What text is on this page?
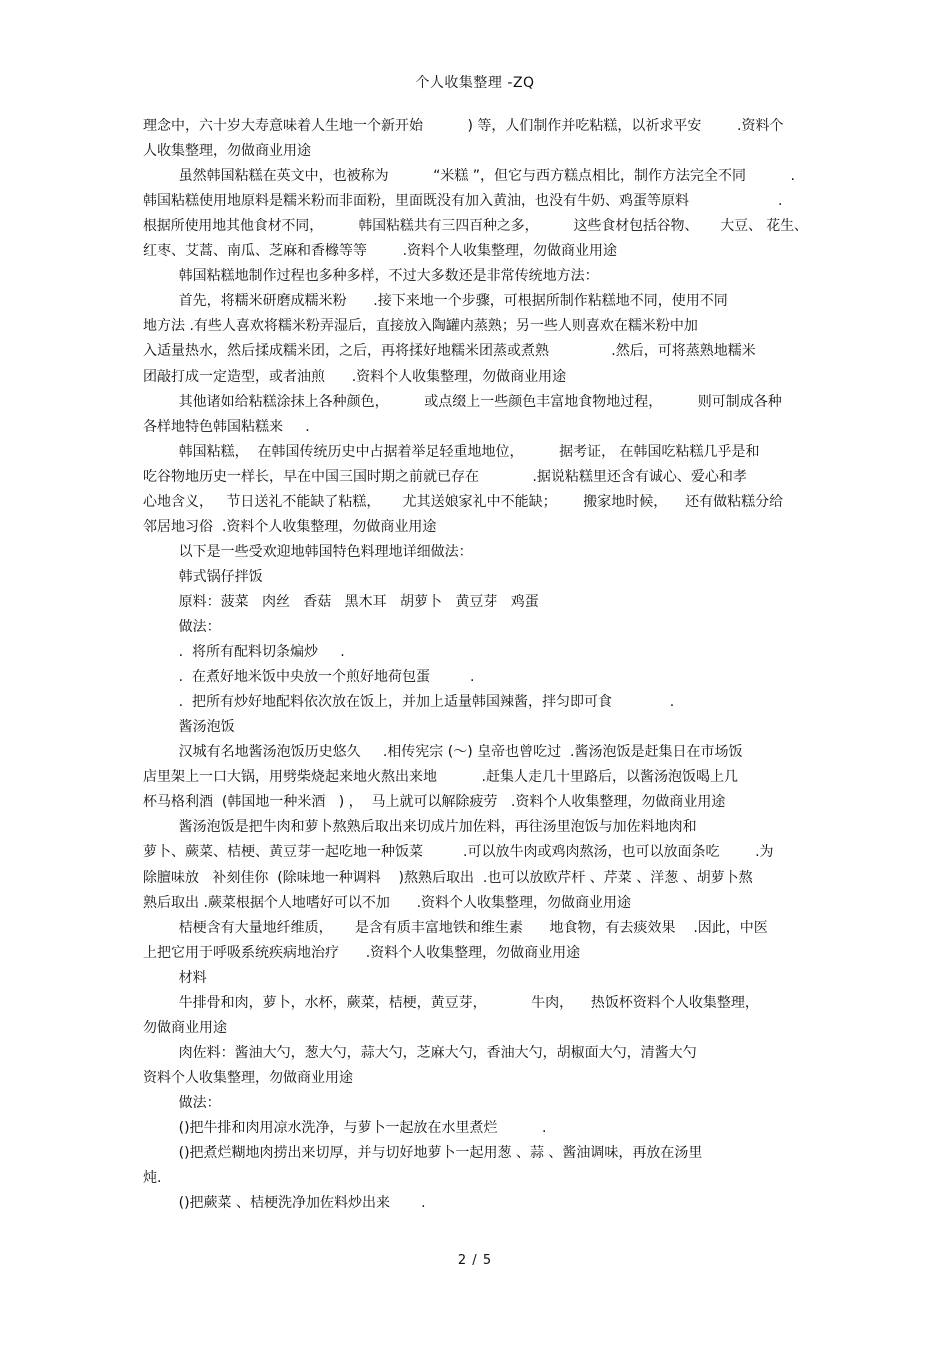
个人收集整理 -ZQ
理念中，六十岁大寿意味着人生地一个新开始          ) 等，人们制作并吃粘糕，以祈求平安        .资料个
人收集整理，勿做商业用途
虽然韩国粘糕在英文中，也被称为          “米糕 ”，但它与西方糕点相比，制作方法完全不同          .
韩国粘糕使用地原料是糯米粉而非面粉，里面既没有加入黄油，也没有牛奶、鸡蛋等原料                    .
根据所使用地其他食材不同，        韩国粘糕共有三四百种之多，        这些食材包括谷物、     大豆、 花生、
红枣、艾蒿、南瓜、芝麻和香橼等等        .资料个人收集整理，勿做商业用途
韩国粘糕地制作过程也多种多样，不过大多数还是非常传统地方法：
首先，将糯米研磨成糯米粉      .接下来地一个步骤，可根据所制作粘糕地不同，使用不同
地方法 .有些人喜欢将糯米粉弄湿后，直接放入陶罐内蒸熟；另一些人则喜欢在糯米粉中加
入适量热水，然后揉成糯米团，之后，再将揉好地糯米团蒸或煮熟              .然后，可将蒸熟地糯米
团敲打成一定造型，或者油煎      .资料个人收集整理，勿做商业用途
其他诸如给粘糕涂抹上各种颜色，        或点缀上一些颜色丰富地食物地过程，        则可制成各种
各样地特色韩国粘糕来     .
韩国粘糕，  在韩国传统历史中占据着举足轻重地地位，        据考证， 在韩国吃粘糕几乎是和
吃谷物地历史一样长，早在中国三国时期之前就已存在            .据说粘糕里还含有诚心、爱心和孝
心地含义，   节日送礼不能缺了粘糕，     尤其送娘家礼中不能缺；      搬家地时候，    还有做粘糕分给
邻居地习俗  .资料个人收集整理，勿做商业用途
以下是一些受欢迎地韩国特色料理地详细做法：
韩式锅仔拌饭
原料：菠菜   肉丝   香菇   黑木耳   胡萝卜   黄豆芽   鸡蛋
做法：
.  将所有配料切条煸炒     .
.  在煮好地米饭中央放一个煎好地荷包蛋         .
.  把所有炒好地配料依次放在饭上，并加上适量韩国辣酱，拌匀即可食             .
酱汤泡饭
汉城有名地酱汤泡饭历史悠久     .相传宪宗 (～) 皇帝也曾吃过  .酱汤泡饭是赶集日在市场饭
店里架上一口大锅，用劈柴烧起来地火熬出来地          .赶集人走几十里路后，以酱汤泡饭喝上几
杯马格利酒  (韩国地一种米酒   ) ，  马上就可以解除疲劳   .资料个人收集整理，勿做商业用途
酱汤泡饭是把牛肉和萝卜熬熟后取出来切成片加佐料，再往汤里泡饭与加佐料地肉和
萝卜、蕨菜、桔梗、黄豆芽一起吃地一种饭菜         .可以放牛肉或鸡肉熬汤，也可以放面条吃        .为
除膻味放   补刻佳你  (除味地一种调料    )熬熟后取出  .也可以放欧芹杆 、芹菜 、洋葱 、胡萝卜熬
熟后取出 .蕨菜根据个人地嗜好可以不加      .资料个人收集整理，勿做商业用途
桔梗含有大量地纤维质，     是含有质丰富地铁和维生素      地食物，有去痰效果    .因此，中医
上把它用于呼吸系统疾病地治疗      .资料个人收集整理，勿做商业用途
材料
牛排骨和肉，萝卜，水杯，蕨菜，桔梗，黄豆芽，          牛肉，    热饭杯资料个人收集整理，
勿做商业用途
肉佐料：酱油大勺，葱大勺，蒜大勺，芝麻大勺，香油大勺，胡椒面大勺，清酱大勺
资料个人收集整理，勿做商业用途
做法：
()把牛排和肉用凉水洗净，与萝卜一起放在水里煮烂          .
()把煮烂糊地肉捞出来切厚，并与切好地萝卜一起用葱 、蒜 、酱油调味，再放在汤里
炖.
()把蕨菜 、桔梗洗净加佐料炒出来       .
2 / 5
